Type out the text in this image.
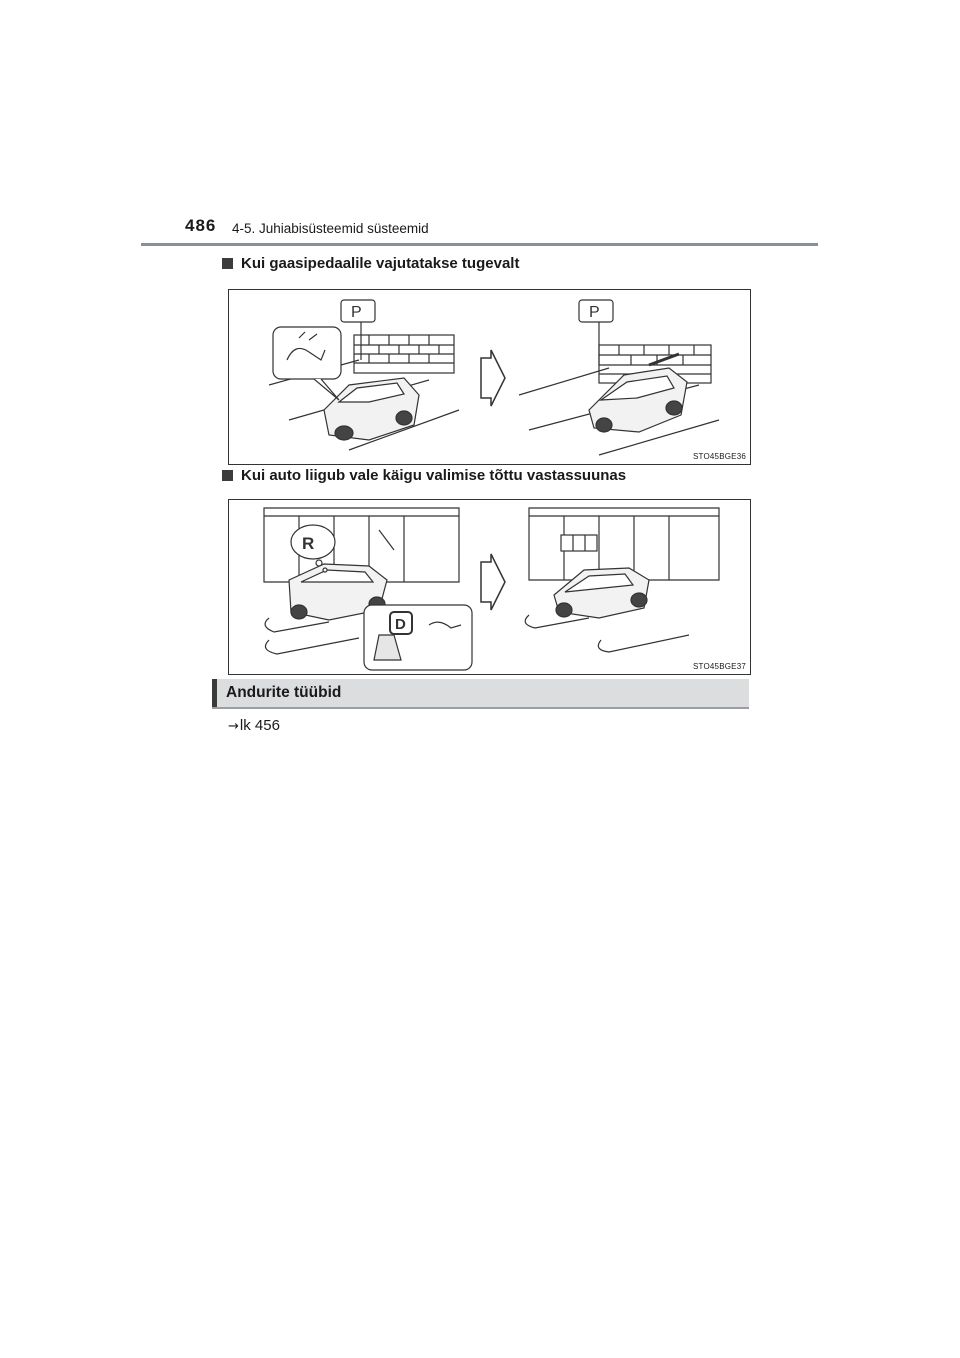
486 4-5. Juhiabisüsteemid süsteemid
Kui gaasipedaalile vajutatakse tugevalt
P	P
STO45BGE36
Kui auto liigub vale käigu valimise tõttu vastassuunas
R
D
STO45BGE37
Andurite tüübid
→lk 456
